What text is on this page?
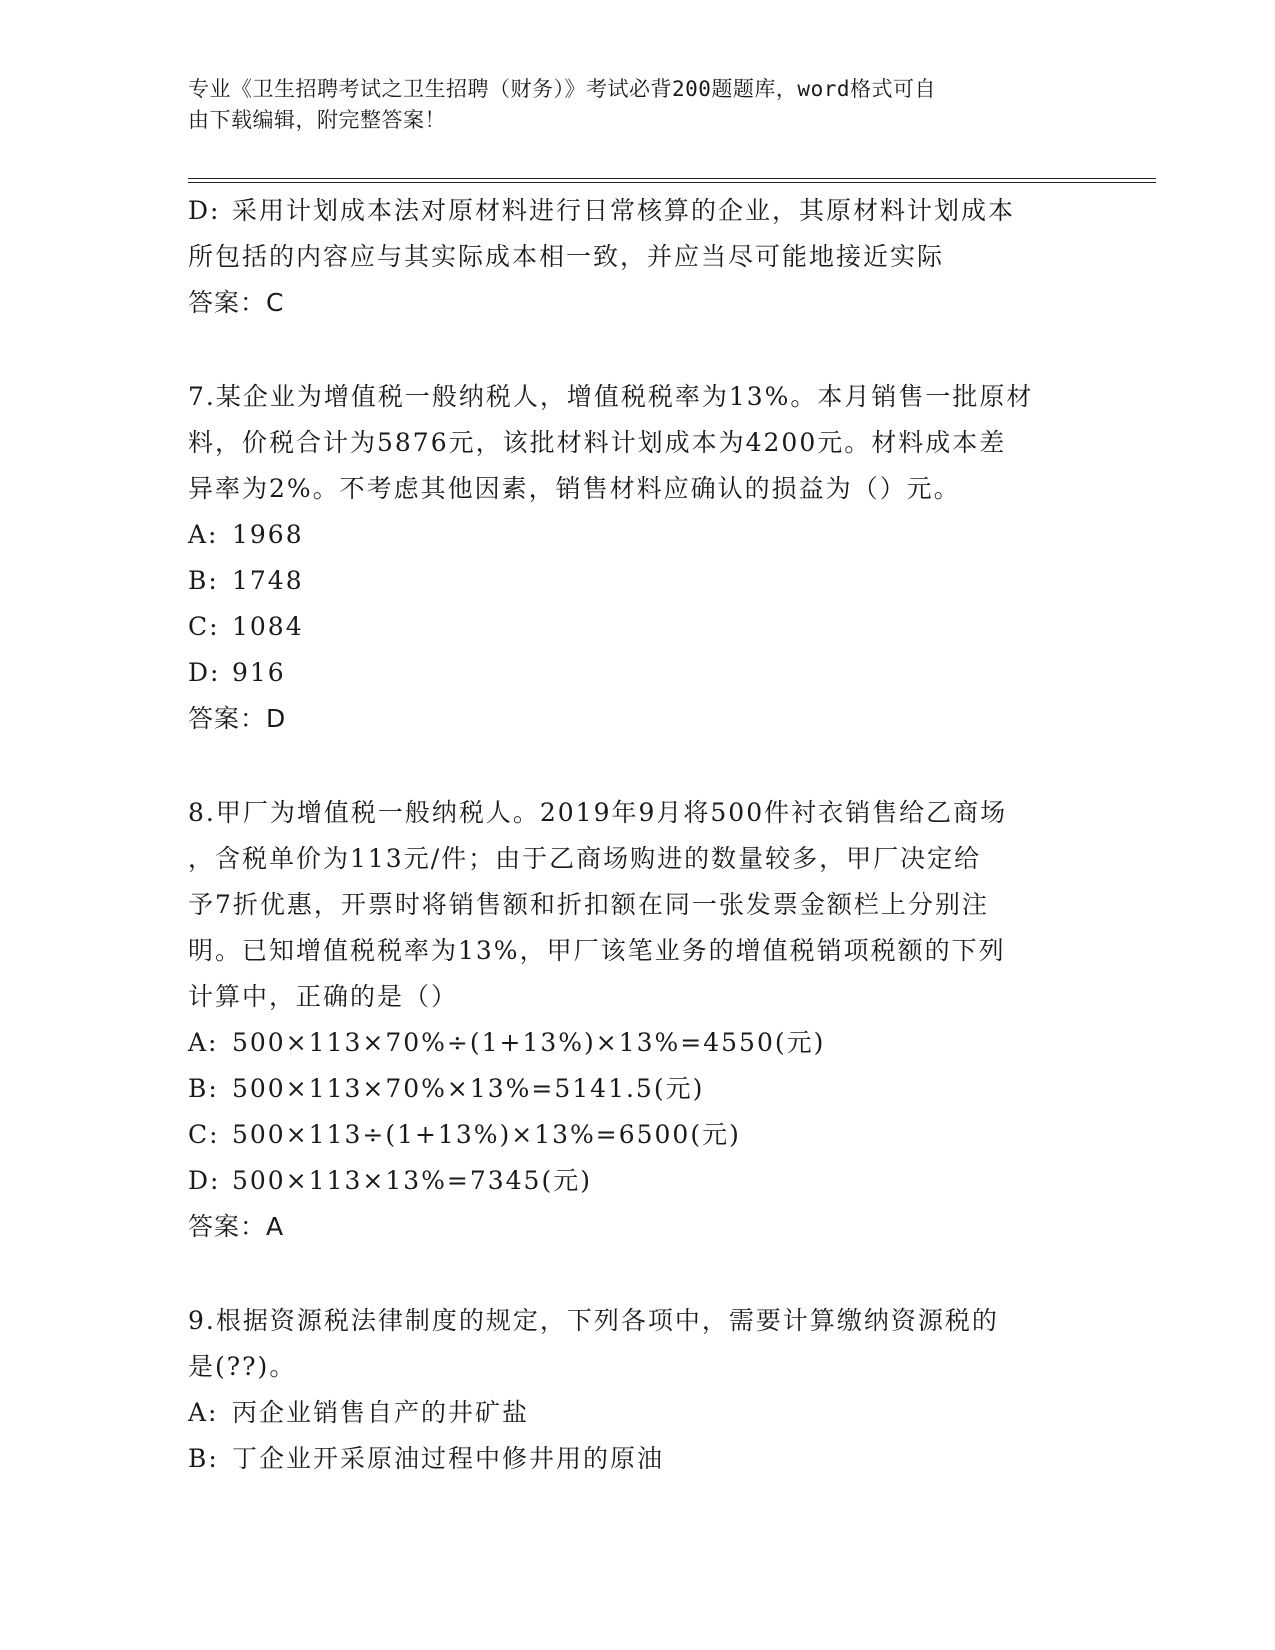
专业《卫生招聘考试之卫生招聘（财务）》考试必背200题题库，word格式可自
由下载编辑，附完整答案！
D: 采用计划成本法对原材料进行日常核算的企业，其原材料计划成本
所包括的内容应与其实际成本相一致，并应当尽可能地接近实际
答案：C
7.某企业为增值税一般纳税人，增值税税率为13%。本月销售一批原材
料，价税合计为5876元，该批材料计划成本为4200元。材料成本差
异率为2%。不考虑其他因素，销售材料应确认的损益为（）元。
A: 1968
B: 1748
C: 1084
D: 916
答案：D
8.甲厂为增值税一般纳税人。2019年9月将500件衬衣销售给乙商场
，含税单价为113元/件；由于乙商场购进的数量较多，甲厂决定给
予7折优惠，开票时将销售额和折扣额在同一张发票金额栏上分别注
明。已知增值税税率为13%，甲厂该笔业务的增值税销项税额的下列
计算中，正确的是（）
A: 500×113×70%÷(1+13%)×13%=4550(元)
B: 500×113×70%×13%=5141.5(元)
C: 500×113÷(1+13%)×13%=6500(元)
D: 500×113×13%=7345(元)
答案：A
9.根据资源税法律制度的规定，下列各项中，需要计算缴纳资源税的
是(??)。
A: 丙企业销售自产的井矿盐
B: 丁企业开采原油过程中修井用的原油
